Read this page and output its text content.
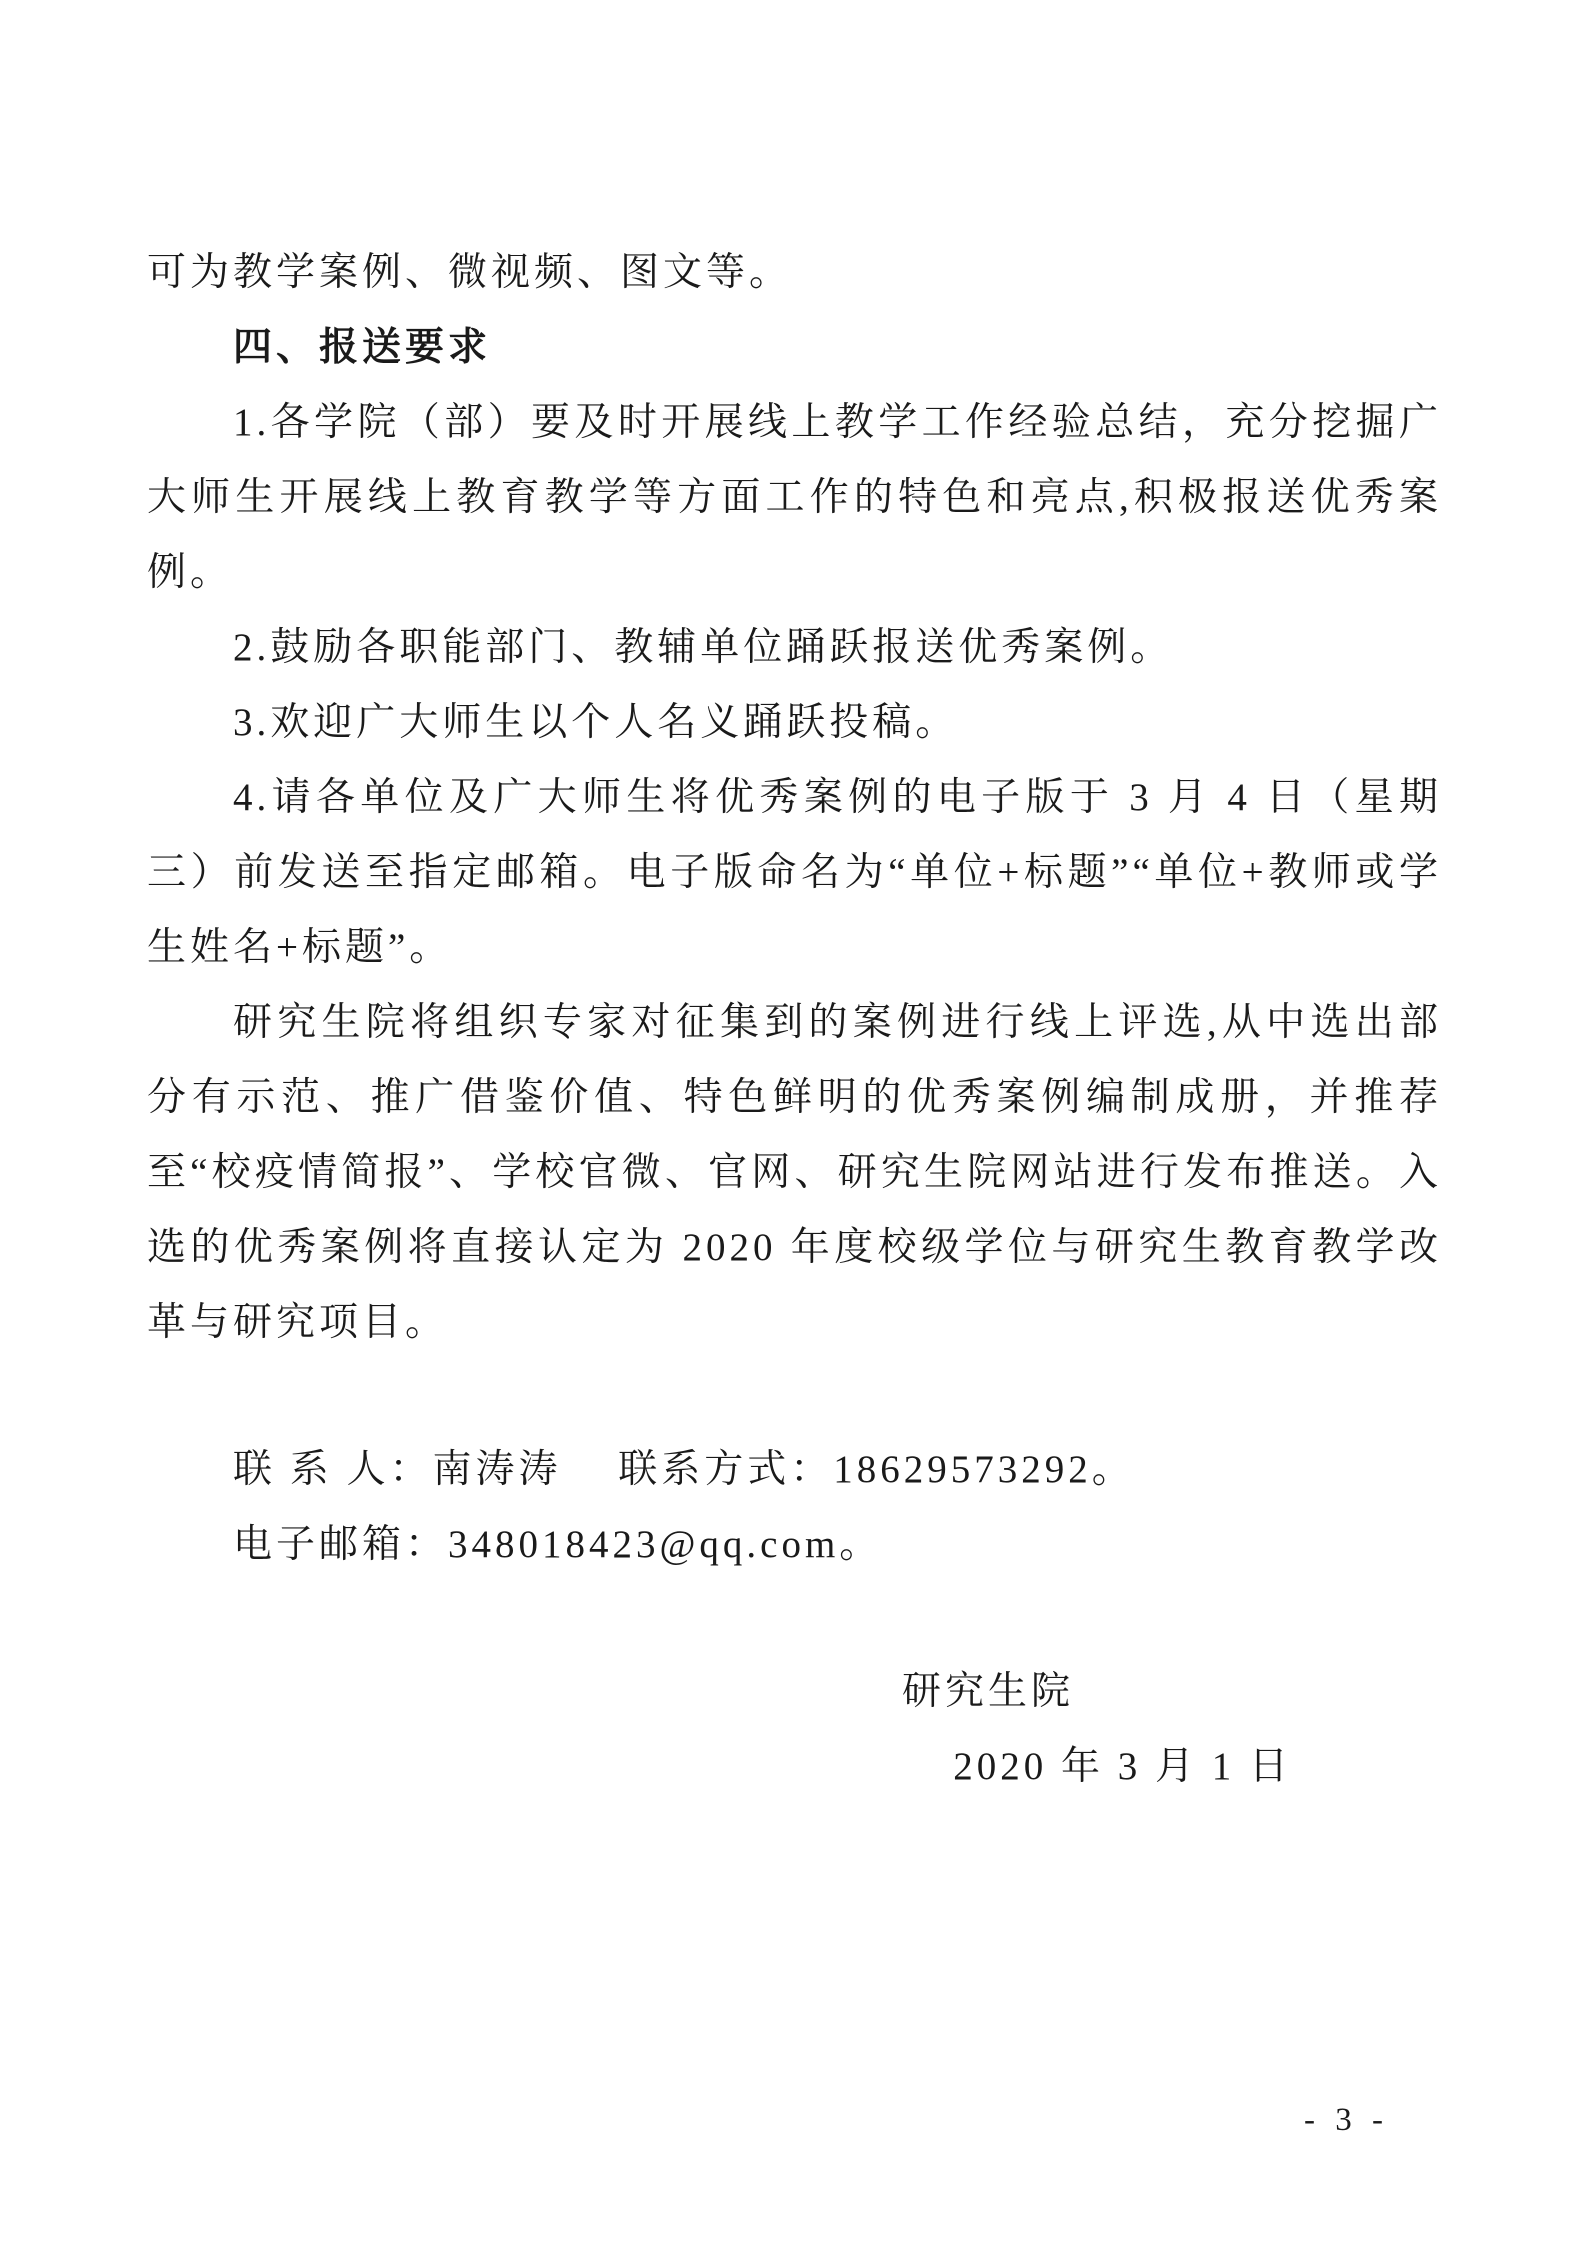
可为教学案例、微视频、图文等。

四、报送要求

1.各学院（部）要及时开展线上教学工作经验总结，充分挖掘广大师生开展线上教育教学等方面工作的特色和亮点,积极报送优秀案例。

2.鼓励各职能部门、教辅单位踊跃报送优秀案例。

3.欢迎广大师生以个人名义踊跃投稿。

4.请各单位及广大师生将优秀案例的电子版于 3 月 4 日（星期三）前发送至指定邮箱。电子版命名为“单位+标题”“单位+教师或学生姓名+标题”。

研究生院将组织专家对征集到的案例进行线上评选,从中选出部分有示范、推广借鉴价值、特色鲜明的优秀案例编制成册，并推荐至“校疫情简报”、学校官微、官网、研究生院网站进行发布推送。入选的优秀案例将直接认定为 2020 年度校级学位与研究生教育教学改革与研究项目。

联 系 人：南涛涛　 联系方式：18629573292。

电子邮箱：348018423@qq.com。

研究生院

2020 年 3 月 1 日

- 3 -
